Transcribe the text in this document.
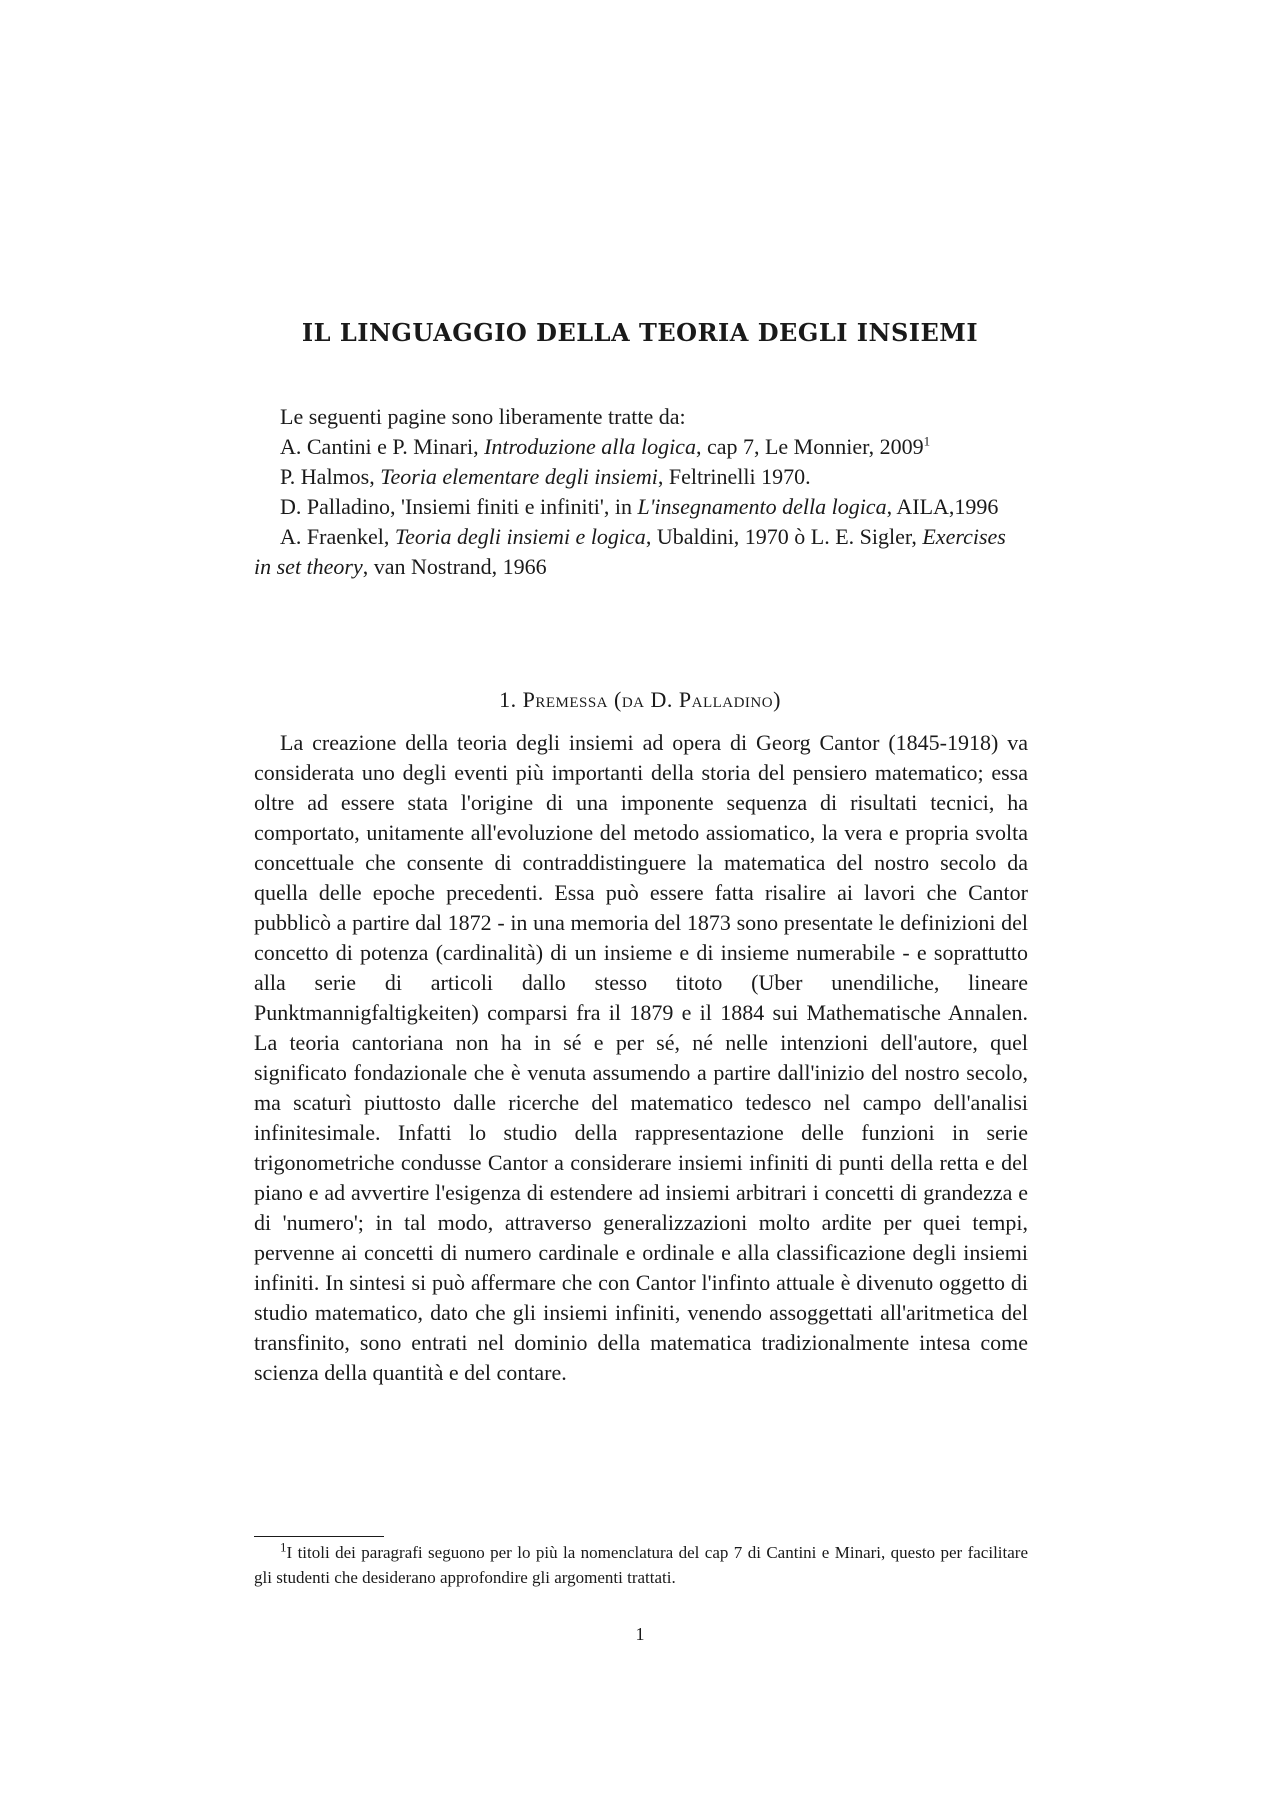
IL LINGUAGGIO DELLA TEORIA DEGLI INSIEMI

Le seguenti pagine sono liberamente tratte da:

A. Cantini e P. Minari, Introduzione alla logica, cap 7, Le Monnier, 2009$^1$

P. Halmos, Teoria elementare degli insiemi, Feltrinelli 1970.

D. Palladino, 'Insiemi finiti e infiniti', in L'insegnamento della logica, AILA,1996

A. Fraenkel, Teoria degli insiemi e logica, Ubaldini, 1970 ò L. E. Sigler, Exercises in set theory, van Nostrand, 1966

1. Premessa (da D. Palladino)

La creazione della teoria degli insiemi ad opera di Georg Cantor (1845-1918) va considerata uno degli eventi più importanti della storia del pensiero matematico; essa oltre ad essere stata l'origine di una imponente sequenza di risultati tecnici, ha comportato, unitamente all'evoluzione del metodo assiomatico, la vera e propria svolta concettuale che consente di contraddistinguere la matematica del nostro secolo da quella delle epoche precedenti. Essa può essere fatta risalire ai lavori che Cantor pubblicò a partire dal 1872 - in una memoria del 1873 sono presentate le definizioni del concetto di potenza (cardinalità) di un insieme e di insieme numerabile - e soprattutto alla serie di articoli dallo stesso titoto (Uber unendiliche, lineare Punktmannigfaltigkeiten) comparsi fra il 1879 e il 1884 sui Mathematische Annalen. La teoria cantoriana non ha in sé e per sé, né nelle intenzioni dell'autore, quel significato fondazionale che è venuta assumendo a partire dall'inizio del nostro secolo, ma scaturì piuttosto dalle ricerche del matematico tedesco nel campo dell'analisi infinitesimale. Infatti lo studio della rappresentazione delle funzioni in serie trigonometriche condusse Cantor a considerare insiemi infiniti di punti della retta e del piano e ad avvertire l'esigenza di estendere ad insiemi arbitrari i concetti di grandezza e di 'numero'; in tal modo, attraverso generalizzazioni molto ardite per quei tempi, pervenne ai concetti di numero cardinale e ordinale e alla classificazione degli insiemi infiniti. In sintesi si può affermare che con Cantor l'infinto attuale è divenuto oggetto di studio matematico, dato che gli insiemi infiniti, venendo assoggettati all'aritmetica del transfinito, sono entrati nel dominio della matematica tradizionalmente intesa come scienza della quantità e del contare.

$^1$I titoli dei paragrafi seguono per lo più la nomenclatura del cap 7 di Cantini e Minari, questo per facilitare gli studenti che desiderano approfondire gli argomenti trattati.

1
